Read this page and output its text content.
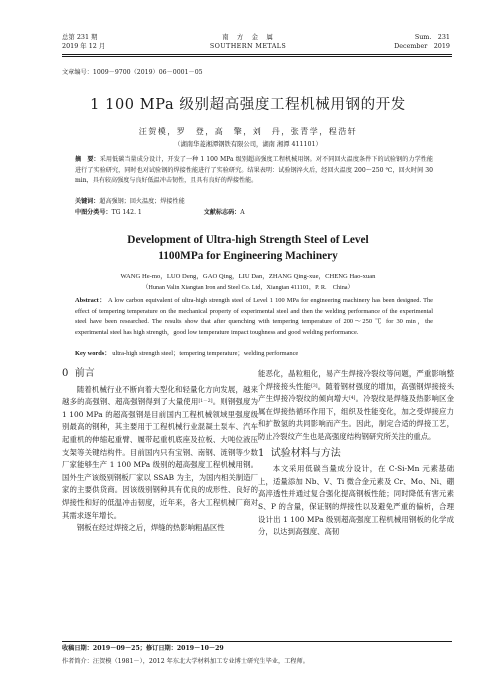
总第 231 期
2019 年 12 月
南　方　金　属
SOUTHERN METALS
Sum.　231
December　2019
文章编号：1009－9700（2019）06－0001－05
1 100 MPa 级别超高强度工程机械用钢的开发
汪贺模，罗　登，高　擎，刘　丹，张青学，程浩轩
（湖南华菱湘潭钢铁有限公司，湖南 湘潭 411101）
摘　要：采用低碳当量成分设计，开发了一种 1 100 MPa 级别超高强度工程机械用钢。对不同回火温度条件下的试验钢的力学性能进行了实验研究，同时也对试验钢的焊接性能进行了实验研究。结果表明：试验钢淬火后，经回火温度 200～250 ℃，回火时间 30 min，具有较高强度与良好低温冲击韧性，且具有良好的焊接性能。
关键词：超高强钢；回火温度；焊接性能
中图分类号：TG 142. 1	文献标志码：A
Development of Ultra-high Strength Steel of Level
1100MPa for Engineering Machinery
WANG He-mo，LUO Deng，GAO Qing，LIU Dan，ZHANG Qing-xue，CHENG Hao-xuan
（Hunan Valin Xiangtan Iron and Steel Co. Ltd，Xiangtan 411101，P. R.　China）
Abstract： A low carbon equivalent of ultra-high strength steel of Level 1 100 MPa for engineering machinery has been designed. The effect of tempering temperature on the mechanical property of experimental steel and then the welding performance of the experimental steel have been researched. The results show that after quenching with tempering temperature of 200～250 ℃ for 30 min，the experimental steel has high strength，good low temperature impact toughness and good welding performance.
Key words： ultra-high strength steel；tempering temperature；welding performance
0 前言

随着机械行业不断向着大型化和轻量化方向发展，越来越多的高强钢、超高强钢得到了大量使用[1－2]。则钢强度为 1 100 MPa 的超高强钢是目前国内工程机械领域里强度级别最高的钢种，其主要用于工程机械行业混凝土泵车、汽车起重机的伸缩起重臂、履带起重机底座及拉板、大吨位液压支架等关键结构件。目前国内只有宝钢、南钢、涟钢等少数厂家能够生产 1 100 MPa 级别的超高强度工程机械用钢。国外生产该级别钢板厂家以 SSAB 为主，为国内相关制造厂家的主要供货商。因该级别钢种具有优良的成形性、良好的焊接性和好的低温冲击韧度，近年来，各大工程机械厂商对其需求逐年增长。

钢板在经过焊接之后，焊缝的热影响粗晶区性

能恶化，晶粒粗化，易产生焊接冷裂纹等问题，严重影响整个焊接接头性能[3]。随着钢材强度的增加，高强钢焊接接头产生焊接冷裂纹的倾向增大[4]。冷裂纹是焊缝及热影响区金属在焊接热循环作用下，组织及性能变化，加之受焊接应力和扩散氢的共同影响而产生。因此，制定合适的焊接工艺，防止冷裂纹产生也是高强度结构钢研究所关注的重点。

1 试验材料与方法

本文采用低碳当量成分设计，在 C-Si-Mn 元素基础上，适量添加 Nb、V、Ti 微合金元素及 Cr、Mo、Ni、硼高淬透性并通过复合强化提高钢板性能；同时降低有害元素 S、P 的含量，保证钢的焊接性以及避免严重的偏析，合理设计出 1 100 MPa 级别超高强度工程机械用钢板的化学成分，以达到高强度、高韧

收稿日期：2019－09－25；修订日期：2019－10－29
作者简介：汪贺模（1981－），2012 年东北大学材料加工专业博士研究生毕业，工程师。
